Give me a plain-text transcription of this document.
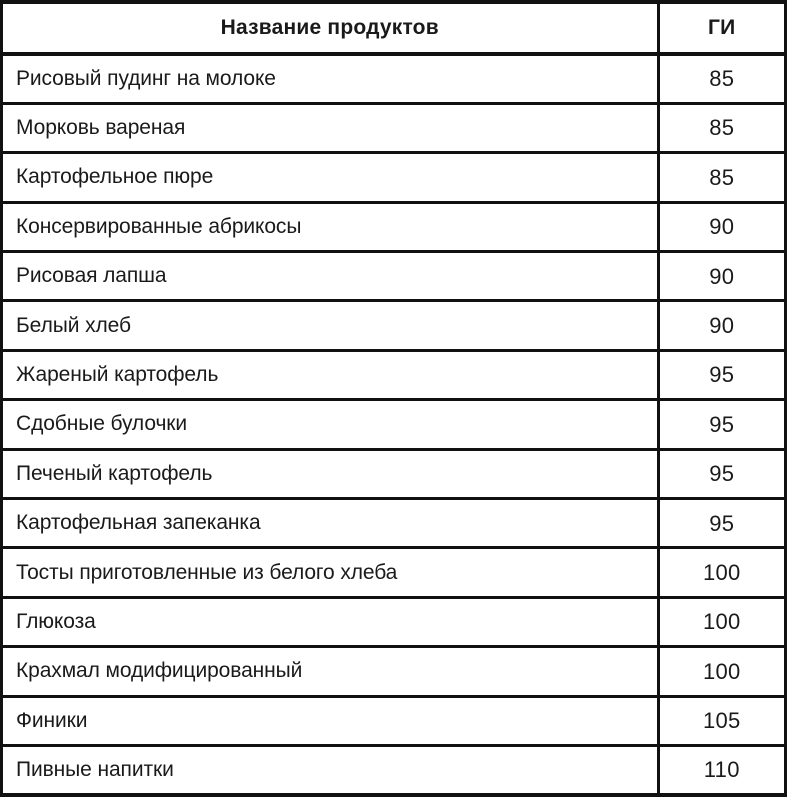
Название продуктов	ГИ
Рисовый пудинг на молоке	85
Морковь вареная	85
Картофельное пюре	85
Консервированные абрикосы	90
Рисовая лапша	90
Белый хлеб	90
Жареный картофель	95
Сдобные булочки	95
Печеный картофель	95
Картофельная запеканка	95
Тосты приготовленные из белого хлеба	100
Глюкоза	100
Крахмал модифицированный	100
Финики	105
Пивные напитки	110
